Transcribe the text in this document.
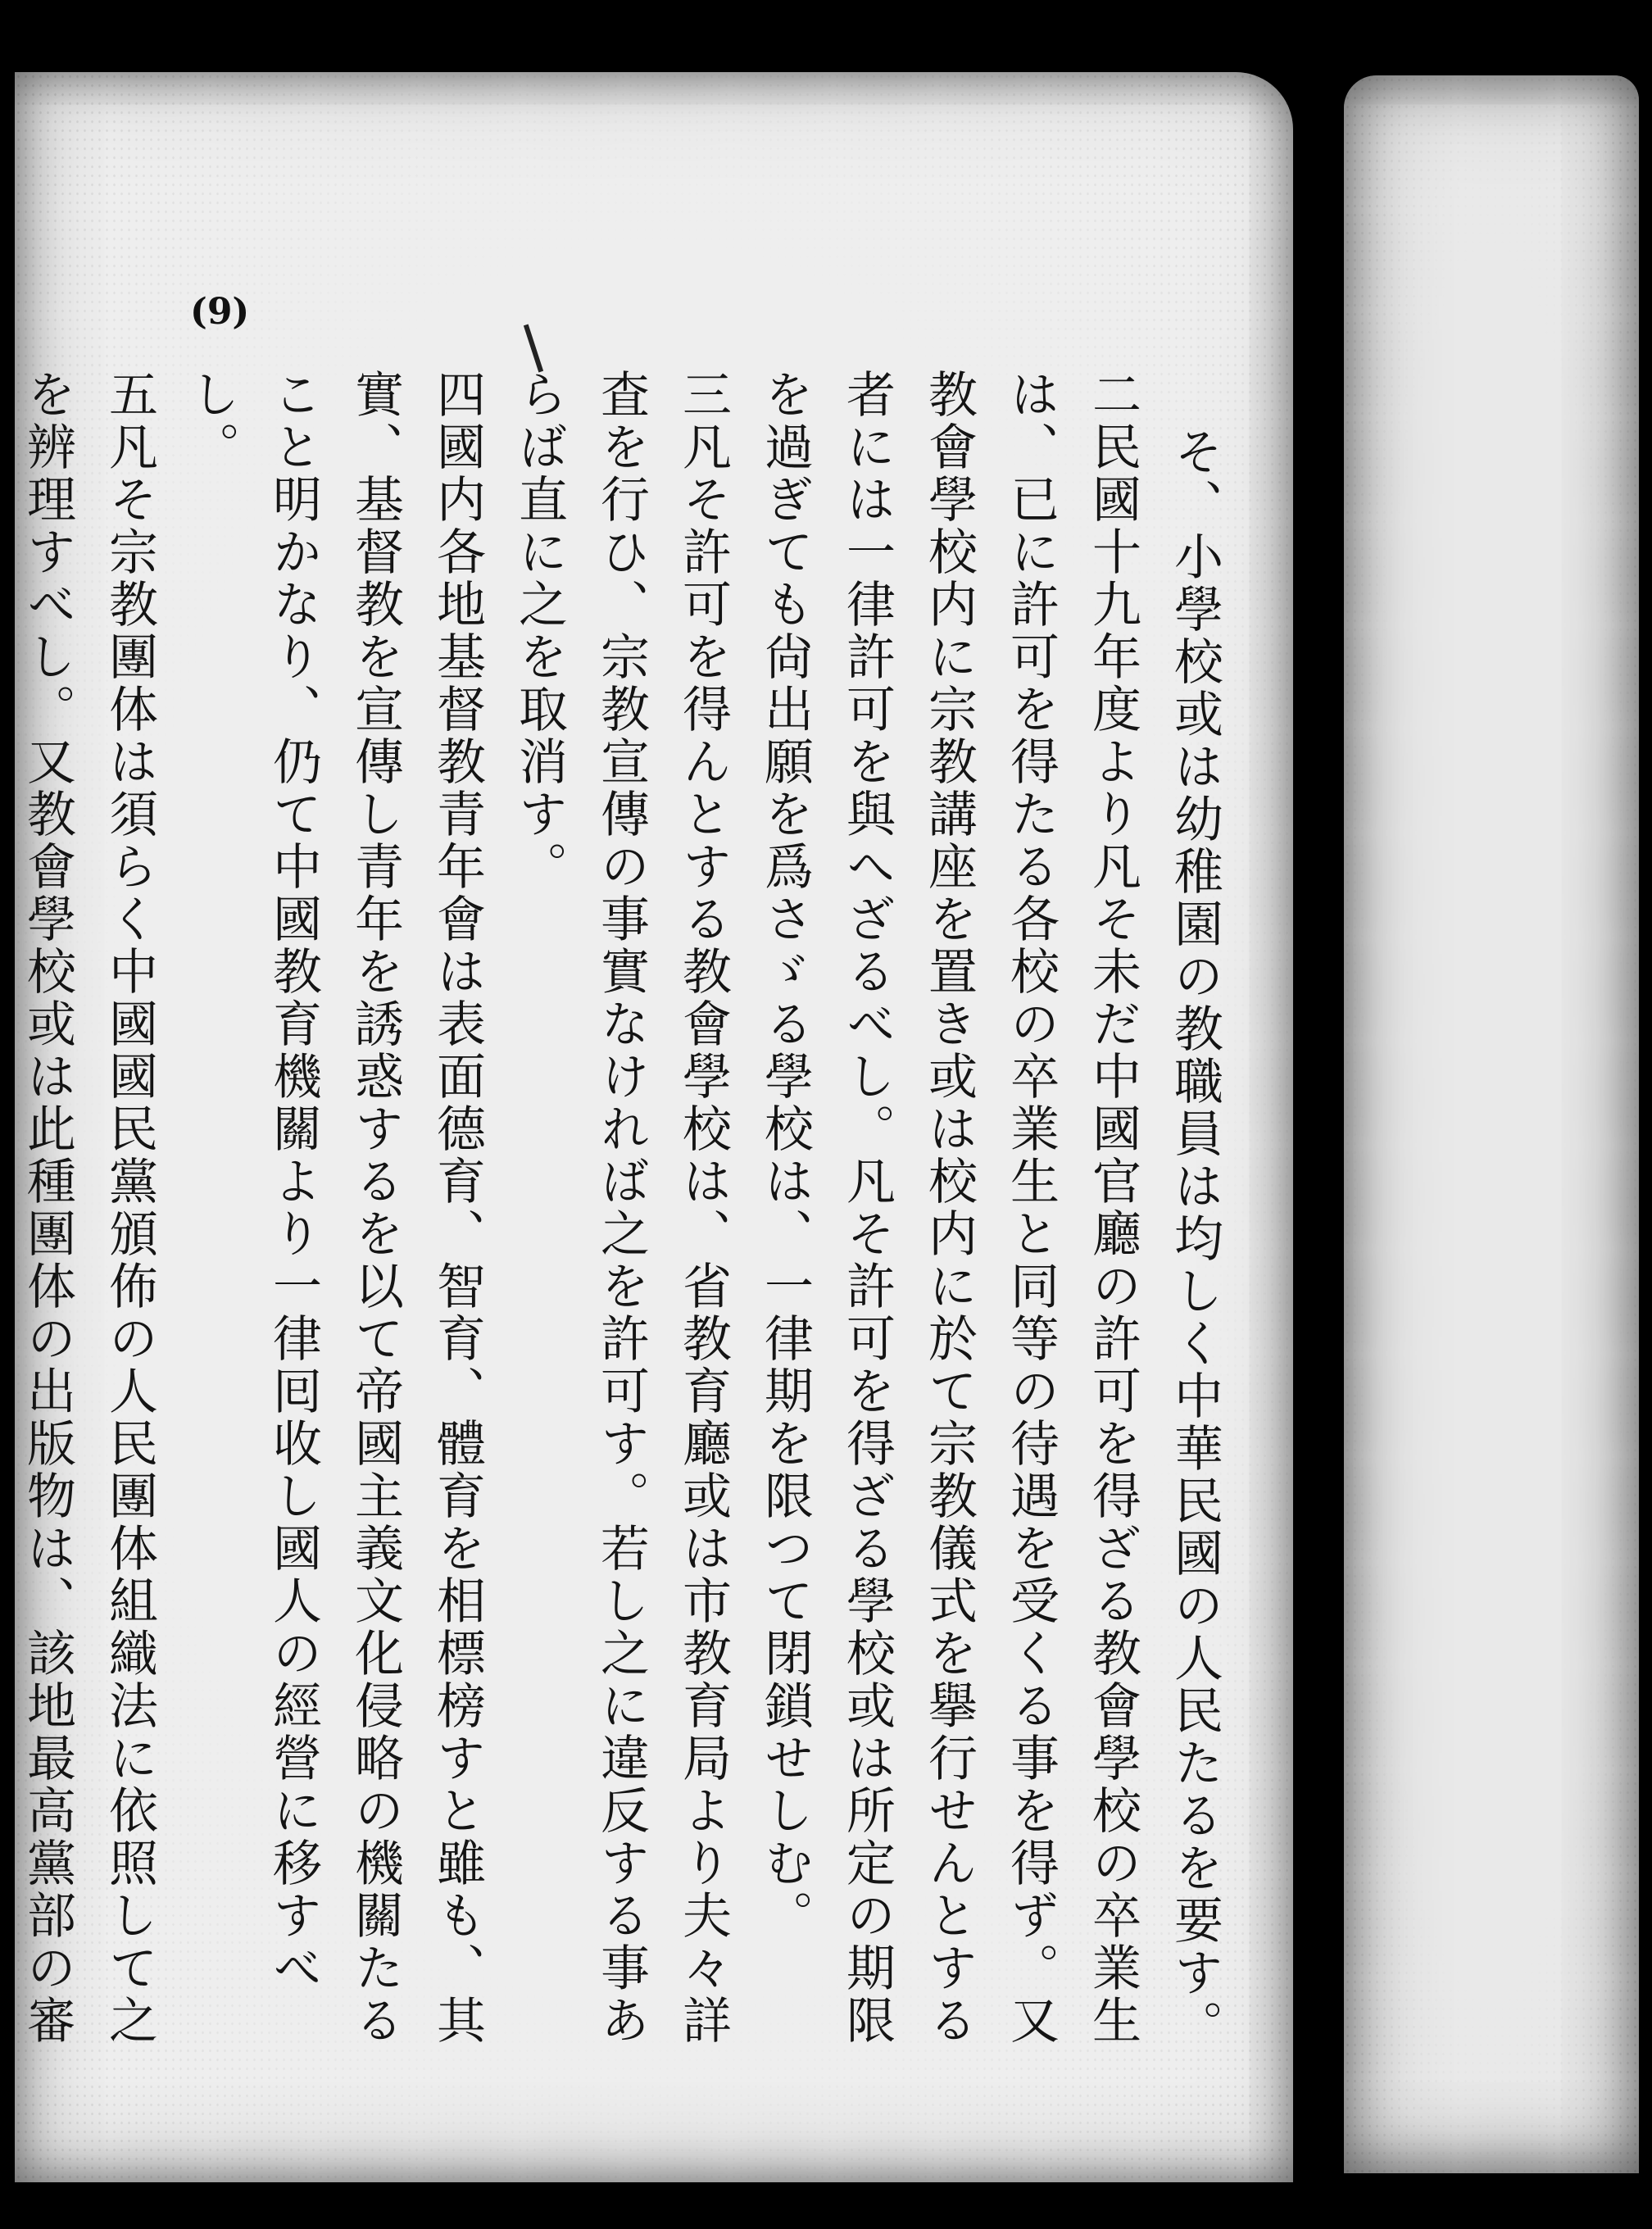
(9)

そ、小學校或は幼稚園の教職員は均しく中華民國の人民たるを要す。

二民國十九年度より凡そ未だ中國官廳の許可を得ざる教會學校の卒業生は、已に許可を得たる各校の卒業生と同等の待遇を受くる事を得ず。又教會學校内に宗教講座を置き或は校内に於て宗教儀式を擧行せんとする者には一律許可を與へざるべし。凡そ許可を得ざる學校或は所定の期限を過ぎても尙出願を爲さゞる學校は、一律期を限つて閉鎖せしむ。

三凡そ許可を得んとする教會學校は、省教育廳或は市教育局より夫々詳査を行ひ、宗教宣傳の事實なければ之を許可す。若し之に違反する事あらば直に之を取消す。

四國内各地基督教青年會は表面德育、智育、體育を相標榜すと雖も、其實、基督教を宣傳し青年を誘惑するを以て帝國主義文化侵略の機關たること明かなり、仍て中國教育機關より一律囘收し國人の經營に移すべし。

五凡そ宗教團体は須らく中國國民黨頒佈の人民團体組織法に依照して之を辨理すべし。又教會學校或は此種團体の出版物は、該地最高黨部の審
